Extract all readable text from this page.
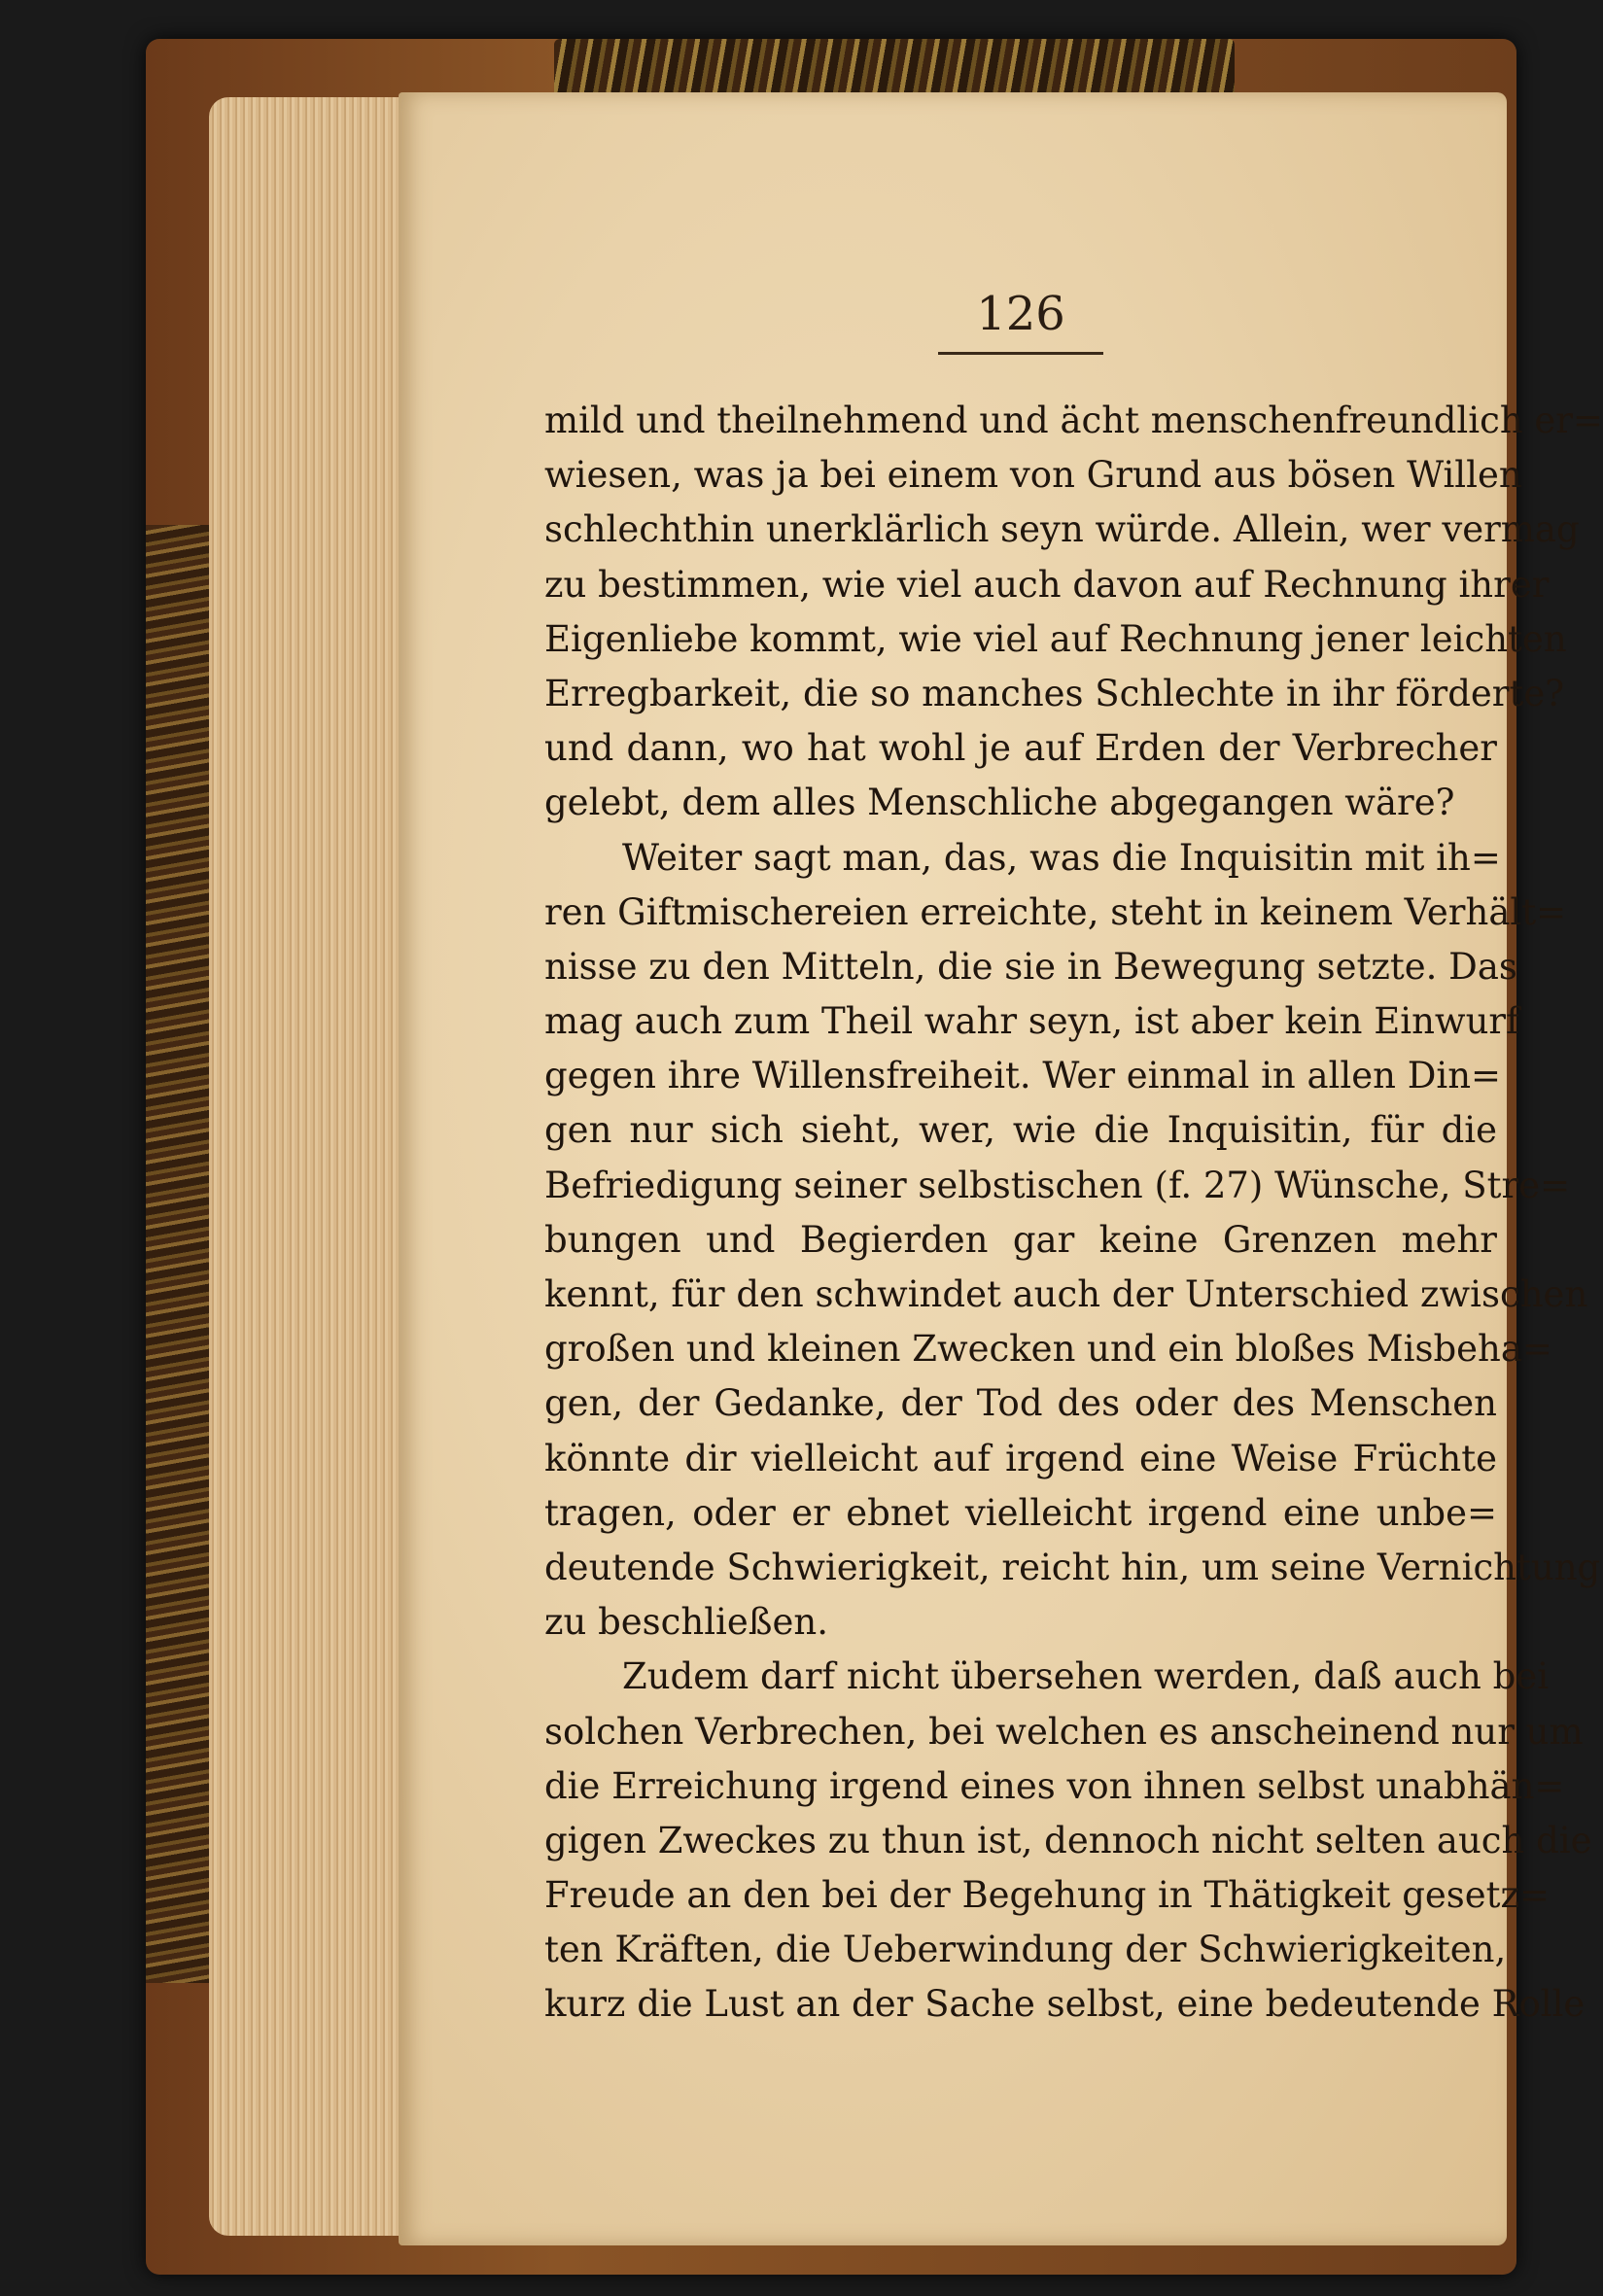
126
mild und theilnehmend und ächt menschenfreundlich er=
wiesen, was ja bei einem von Grund aus bösen Willen
schlechthin unerklärlich seyn würde. Allein, wer vermag
zu bestimmen, wie viel auch davon auf Rechnung ihrer
Eigenliebe kommt, wie viel auf Rechnung jener leichten
Erregbarkeit, die so manches Schlechte in ihr förderte?
und dann, wo hat wohl je auf Erden der Verbrecher
gelebt, dem alles Menschliche abgegangen wäre?
Weiter sagt man, das, was die Inquisitin mit ih=
ren Giftmischereien erreichte, steht in keinem Verhält=
nisse zu den Mitteln, die sie in Bewegung setzte. Das
mag auch zum Theil wahr seyn, ist aber kein Einwurf
gegen ihre Willensfreiheit. Wer einmal in allen Din=
gen nur sich sieht, wer, wie die Inquisitin, für die
Befriedigung seiner selbstischen (f. 27) Wünsche, Stre=
bungen und Begierden gar keine Grenzen mehr
kennt, für den schwindet auch der Unterschied zwischen
großen und kleinen Zwecken und ein bloßes Misbeha=
gen, der Gedanke, der Tod des oder des Menschen
könnte dir vielleicht auf irgend eine Weise Früchte
tragen, oder er ebnet vielleicht irgend eine unbe=
deutende Schwierigkeit, reicht hin, um seine Vernichtung
zu beschließen.
Zudem darf nicht übersehen werden, daß auch bei
solchen Verbrechen, bei welchen es anscheinend nur um
die Erreichung irgend eines von ihnen selbst unabhän=
gigen Zweckes zu thun ist, dennoch nicht selten auch die
Freude an den bei der Begehung in Thätigkeit gesetz=
ten Kräften, die Ueberwindung der Schwierigkeiten,
kurz die Lust an der Sache selbst, eine bedeutende Rolle
